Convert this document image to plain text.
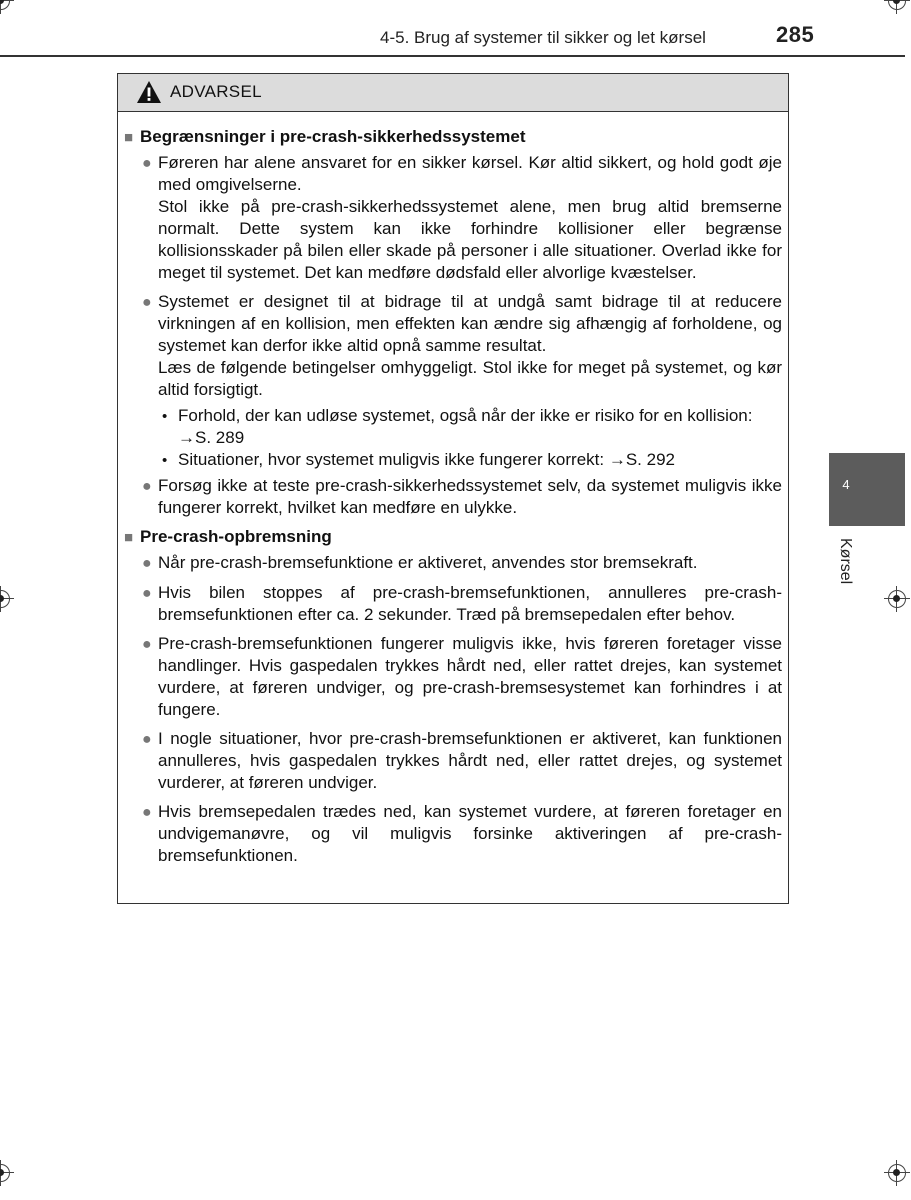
4-5. Brug af systemer til sikker og let kørsel	285
4
Kørsel
ADVARSEL
■ Begrænsninger i pre-crash-sikkerhedssystemet
● Føreren har alene ansvaret for en sikker kørsel. Kør altid sikkert, og hold godt øje med omgivelserne.

Stol ikke på pre-crash-sikkerhedssystemet alene, men brug altid bremserne normalt. Dette system kan ikke forhindre kollisioner eller begrænse kollisionsskader på bilen eller skade på personer i alle situationer. Overlad ikke for meget til systemet. Det kan medføre dødsfald eller alvorlige kvæstelser.

● Systemet er designet til at bidrage til at undgå samt bidrage til at reducere virkningen af en kollision, men effekten kan ændre sig afhængig af forholdene, og systemet kan derfor ikke altid opnå samme resultat.

Læs de følgende betingelser omhyggeligt. Stol ikke for meget på systemet, og kør altid forsigtigt.

• Forhold, der kan udløse systemet, også når der ikke er risiko for en kollision: →S. 289
• Situationer, hvor systemet muligvis ikke fungerer korrekt: →S. 292
● Forsøg ikke at teste pre-crash-sikkerhedssystemet selv, da systemet muligvis ikke fungerer korrekt, hvilket kan medføre en ulykke.

■ Pre-crash-opbremsning
● Når pre-crash-bremsefunktione er aktiveret, anvendes stor bremsekraft.

● Hvis bilen stoppes af pre-crash-bremsefunktionen, annulleres pre-crash-bremsefunktionen efter ca. 2 sekunder. Træd på bremsepedalen efter behov.

● Pre-crash-bremsefunktionen fungerer muligvis ikke, hvis føreren foretager visse handlinger. Hvis gaspedalen trykkes hårdt ned, eller rattet drejes, kan systemet vurdere, at føreren undviger, og pre-crash-bremsesystemet kan forhindres i at fungere.

● I nogle situationer, hvor pre-crash-bremsefunktionen er aktiveret, kan funktionen annulleres, hvis gaspedalen trykkes hårdt ned, eller rattet drejes, og systemet vurderer, at føreren undviger.

● Hvis bremsepedalen trædes ned, kan systemet vurdere, at føreren foretager en undvigemanøvre, og vil muligvis forsinke aktiveringen af pre-crash-bremsefunktionen.
